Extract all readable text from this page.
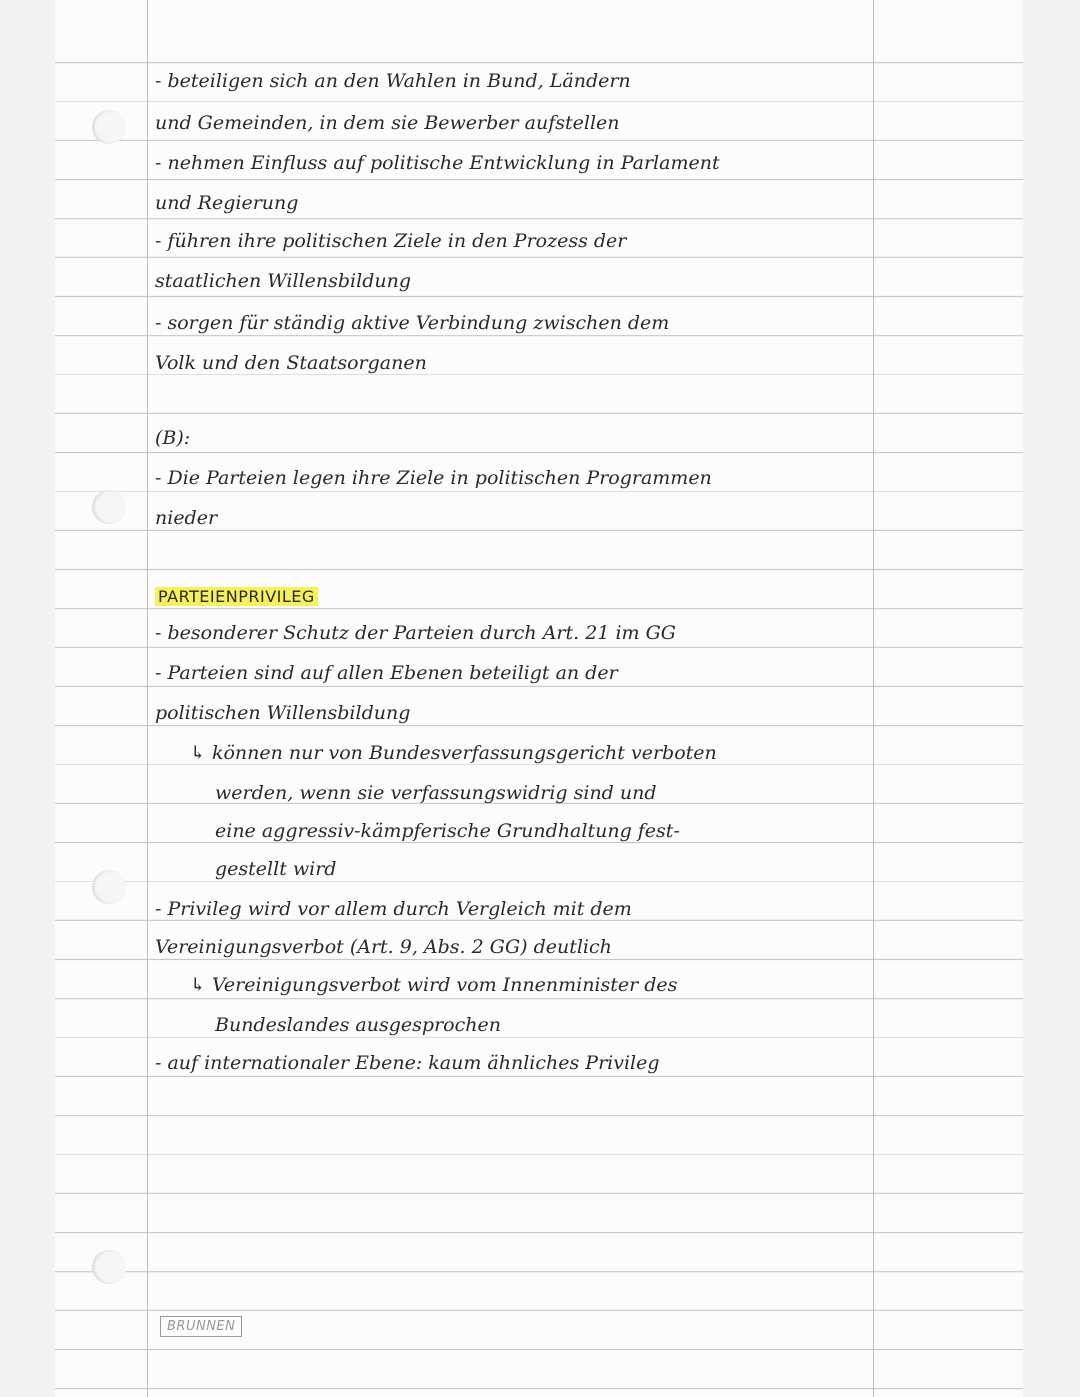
- beteiligen sich an den Wahlen in Bund, Ländern
und Gemeinden, in dem sie Bewerber aufstellen
- nehmen Einfluss auf politische Entwicklung in Parlament
und Regierung
- führen ihre politischen Ziele in den Prozess der
staatlichen Willensbildung
- sorgen für ständig aktive Verbindung zwischen dem
Volk und den Staatsorganen
(B):
- Die Parteien legen ihre Ziele in politischen Programmen
nieder
PARTEIENPRIVILEG
- besonderer Schutz der Parteien durch Art. 21 im GG
- Parteien sind auf allen Ebenen beteiligt an der
politischen Willensbildung
↳ können nur von Bundesverfassungsgericht verboten
werden, wenn sie verfassungswidrig sind und
eine aggressiv-kämpferische Grundhaltung fest-
gestellt wird
- Privileg wird vor allem durch Vergleich mit dem
Vereinigungsverbot (Art. 9, Abs. 2 GG) deutlich
↳ Vereinigungsverbot wird vom Innenminister des
Bundeslandes ausgesprochen
- auf internationaler Ebene: kaum ähnliches Privileg
BRUNNEN
